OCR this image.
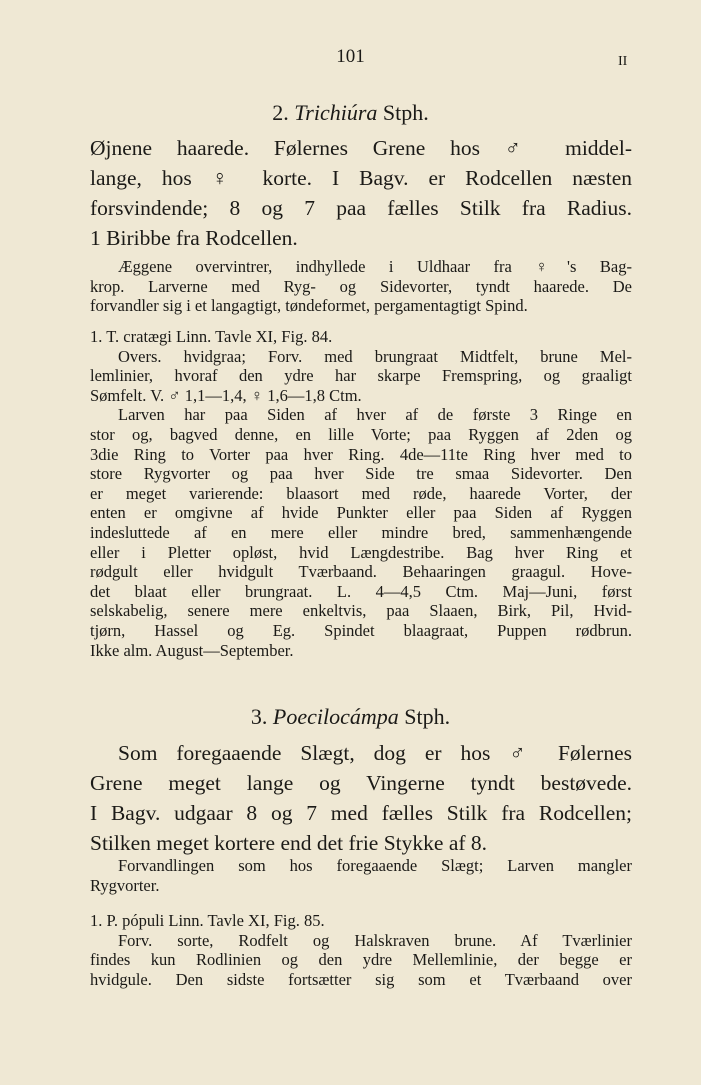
101	II
2. Trichiúra Stph.
Øjnene haarede. Følernes Grene hos ♂ middel-
lange, hos ♀ korte. I Bagv. er Rodcellen næsten
forsvindende; 8 og 7 paa fælles Stilk fra Radius.
1 Biribbe fra Rodcellen.
Æggene overvintrer, indhyllede i Uldhaar fra ♀'s Bag-
krop. Larverne med Ryg- og Sidevorter, tyndt haarede. De
forvandler sig i et langagtigt, tøndeformet, pergamentagtigt Spind.
1. T. cratægi Linn. Tavle XI, Fig. 84.
Overs. hvidgraa; Forv. med brungraat Midtfelt, brune Mel-
lemlinier, hvoraf den ydre har skarpe Fremspring, og graaligt
Sømfelt. V. ♂ 1,1—1,4, ♀ 1,6—1,8 Ctm.
Larven har paa Siden af hver af de første 3 Ringe en
stor og, bagved denne, en lille Vorte; paa Ryggen af 2den og
3die Ring to Vorter paa hver Ring. 4de—11te Ring hver med to
store Rygvorter og paa hver Side tre smaa Sidevorter. Den
er meget varierende: blaasort med røde, haarede Vorter, der
enten er omgivne af hvide Punkter eller paa Siden af Ryggen
indesluttede af en mere eller mindre bred, sammenhængende
eller i Pletter opløst, hvid Længdestribe. Bag hver Ring et
rødgult eller hvidgult Tværbaand. Behaaringen graagul. Hove-
det blaat eller brungraat. L. 4—4,5 Ctm. Maj—Juni, først
selskabelig, senere mere enkeltvis, paa Slaaen, Birk, Pil, Hvid-
tjørn, Hassel og Eg. Spindet blaagraat, Puppen rødbrun.
Ikke alm. August—September.
3. Poecilocámpa Stph.
Som foregaaende Slægt, dog er hos ♂ Følernes
Grene meget lange og Vingerne tyndt bestøvede.
I Bagv. udgaar 8 og 7 med fælles Stilk fra Rodcellen;
Stilken meget kortere end det frie Stykke af 8.
Forvandlingen som hos foregaaende Slægt; Larven mangler
Rygvorter.
1. P. pópuli Linn. Tavle XI, Fig. 85.
Forv. sorte, Rodfelt og Halskraven brune. Af Tværlinier
findes kun Rodlinien og den ydre Mellemlinie, der begge er
hvidgule. Den sidste fortsætter sig som et Tværbaand over
